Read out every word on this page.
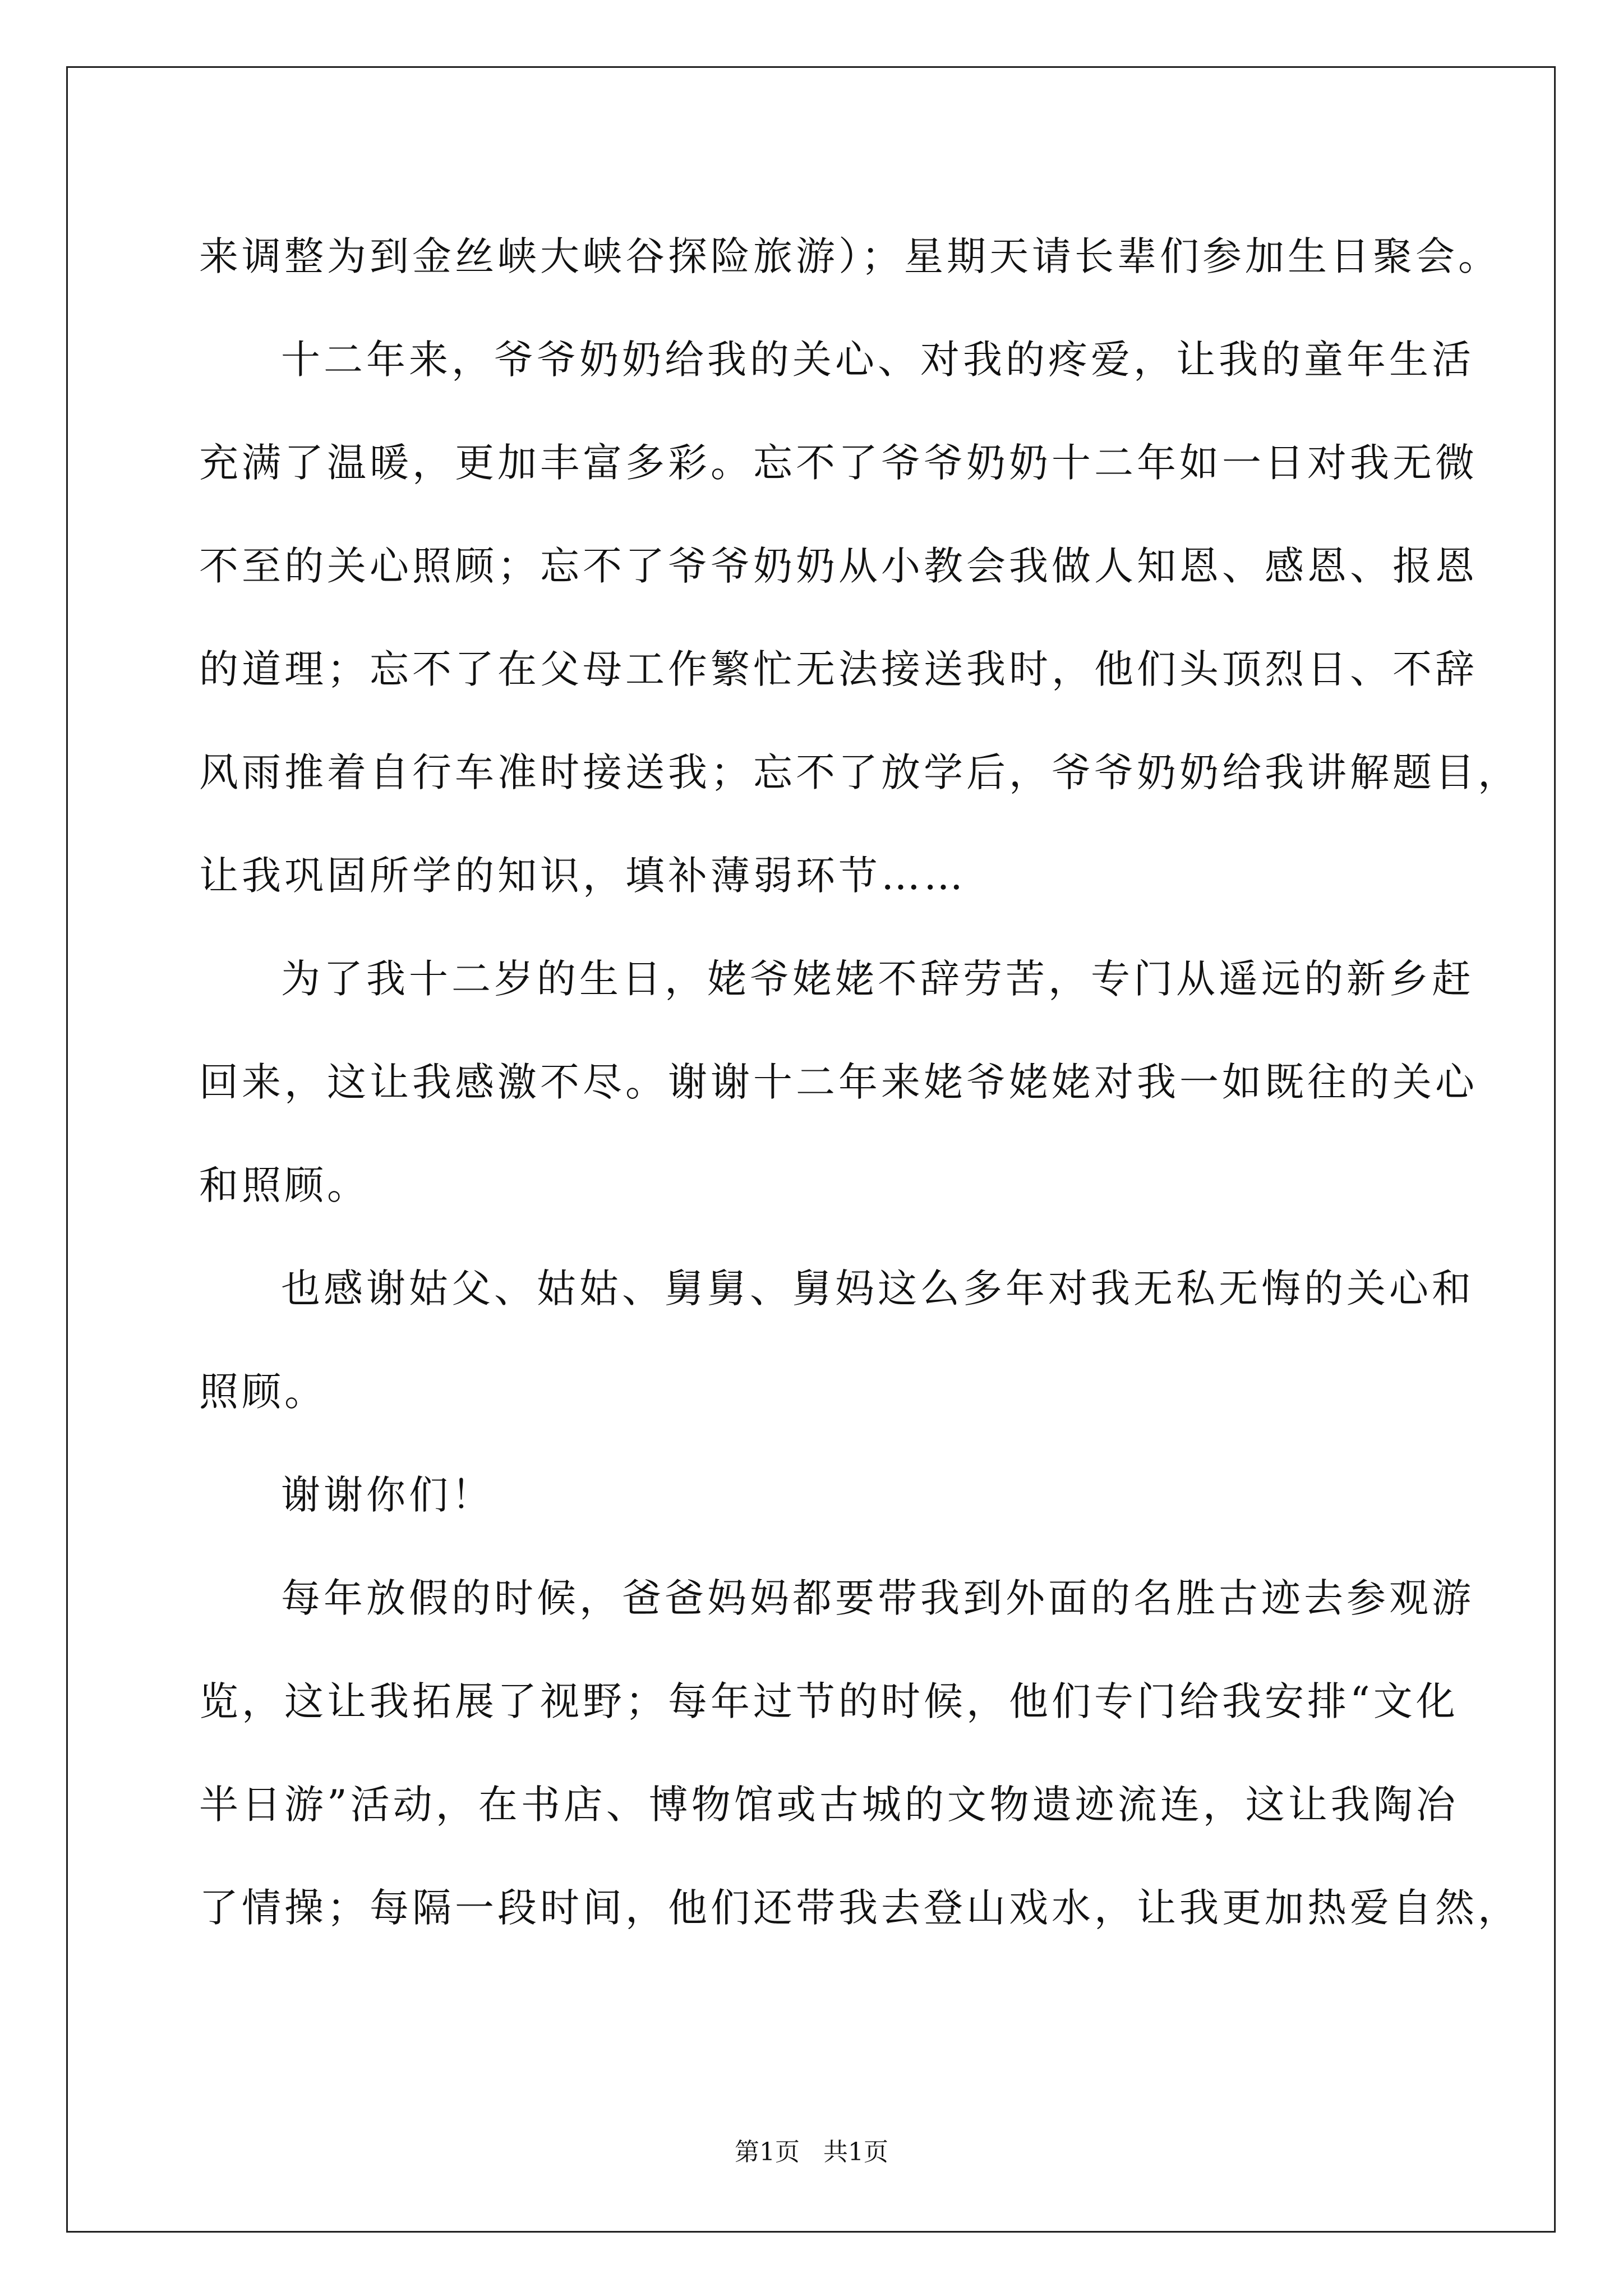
来调整为到金丝峡大峡谷探险旅游）；星期天请长辈们参加生日聚会。
十二年来，爷爷奶奶给我的关心、对我的疼爱，让我的童年生活
充满了温暖，更加丰富多彩。忘不了爷爷奶奶十二年如一日对我无微
不至的关心照顾；忘不了爷爷奶奶从小教会我做人知恩、感恩、报恩
的道理；忘不了在父母工作繁忙无法接送我时，他们头顶烈日、不辞
风雨推着自行车准时接送我；忘不了放学后，爷爷奶奶给我讲解题目，
让我巩固所学的知识，填补薄弱环节……
为了我十二岁的生日，姥爷姥姥不辞劳苦，专门从遥远的新乡赶
回来，这让我感激不尽。谢谢十二年来姥爷姥姥对我一如既往的关心
和照顾。
也感谢姑父、姑姑、舅舅、舅妈这么多年对我无私无悔的关心和
照顾。
谢谢你们！
每年放假的时候，爸爸妈妈都要带我到外面的名胜古迹去参观游
览，这让我拓展了视野；每年过节的时候，他们专门给我安排“文化
半日游”活动，在书店、博物馆或古城的文物遗迹流连，这让我陶冶
了情操；每隔一段时间，他们还带我去登山戏水，让我更加热爱自然，
第1页   共1页
